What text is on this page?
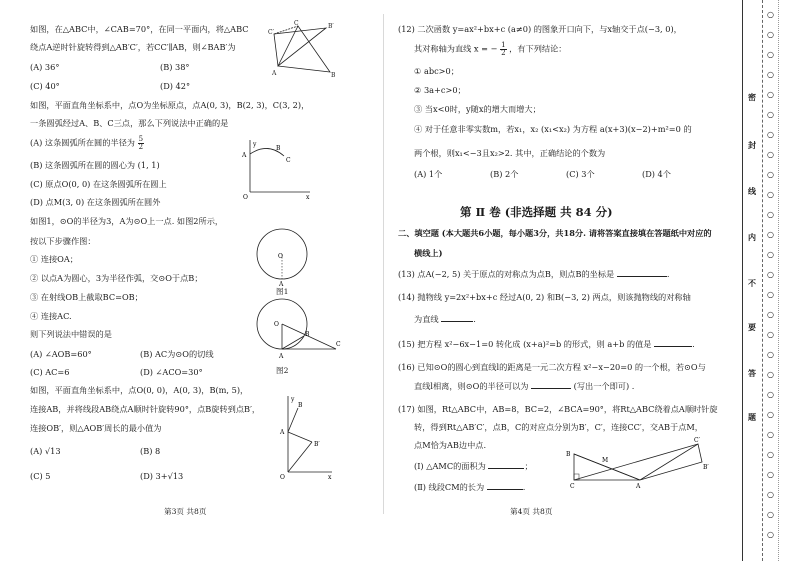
如图，在△ABC中，∠CAB=70°，在同一平面内，将△ABC
绕点A逆时针旋转得到△AB′C′，若CC′∥AB，则∠BAB′为
(A) 36°	(B) 38°
(C) 40°	(D) 42°
C′
B′
C
A	B
如图，平面直角坐标系中，点O为坐标原点，点A(0, 3)，B(2, 3)，C(3, 2)，
一条圆弧经过A、B、C三点，那么下列说法中正确的是
(A) 这条圆弧所在圆的半径为 $\frac{5}{2}$
(B) 这条圆弧所在圆的圆心为 (1, 1)
(C) 原点O(0, 0) 在这条圆弧所在圆上
(D) 点M(3, 0) 在这条圆弧所在圆外
y
A
B
C
O	x
如图1，⊙O的半径为3，A为⊙O上一点. 如图2所示，
按以下步骤作图：
① 连接OA；
② 以点A为圆心，3为半径作弧，交⊙O于点B；
③ 在射线OB上截取BC=OB；
④ 连接AC.
则下列说法中错误的是
(A) ∠AOB=60°	(B) AC为⊙O的切线
(C) AC=6	(D) ∠ACO=30°
O
A
图1
O
A
B
C
图2
如图，平面直角坐标系中，点O(0, 0)，A(0, 3)，B(m, 5)，
连接AB，并将线段AB绕点A顺时针旋转90°，点B旋转到点B′，
连接OB′，则△AOB′周长的最小值为
(A) √13	(B) 8
(C) 5	(D) 3+√13
y
B
A
B′
O	x
第3页 共8页
(12) 二次函数 y=ax²+bx+c (a≠0) 的图象开口向下，与x轴交于点(−3, 0)，
其对称轴为直线 x = − $\frac{1}{2}$ ，有下列结论：
① abc>0；
② 3a+c>0；
③ 当x<0时，y随x的增大而增大；
④ 对于任意非零实数m，若x₁，x₂ (x₁<x₂) 为方程 a(x+3)(x−2)+m²=0 的
两个根，则x₁<−3且x₂>2. 其中，正确结论的个数为
(A) 1个	(B) 2个	(C) 3个	(D) 4个
第 Ⅱ 卷 (非选择题 共 84 分)
二、填空题 (本大题共6小题，每小题3分，共18分. 请将答案直接填在答题纸中对应的
横线上)
(13) 点A(−2, 5) 关于原点的对称点为点B，则点B的坐标是	.
(14) 抛物线 y=2x²+bx+c 经过A(0, 2) 和B(−3, 2) 两点，则该抛物线的对称轴
为直线	.
(15) 把方程 x²−6x−1=0 转化成 (x+a)²=b 的形式，则 a+b 的值是	.
(16) 已知⊙O的圆心到直线l的距离是一元二次方程 x²−x−20=0 的一个根，若⊙O与
直线l相离，则⊙O的半径可以为	(写出一个即可) .
(17) 如图，Rt△ABC中，AB=8，BC=2，∠BCA=90°，将Rt△ABC绕着点A顺时针旋
转，得到Rt△AB′C′，点B，C的对应点分别为B′，C′，连接CC′，交AB于点M，
点M恰为AB边中点.
(Ⅰ) △AMC的面积为	；
(Ⅱ) 线段CM的长为	.
B
M
C	A
C′
B′
第4页 共8页
密
封
线
内
不
要
答
题
○
○
○
○
○
○
○
○
○
○
○
○
○
○
○
○
○
○
○
○
○
○
○
○
○
○
○
